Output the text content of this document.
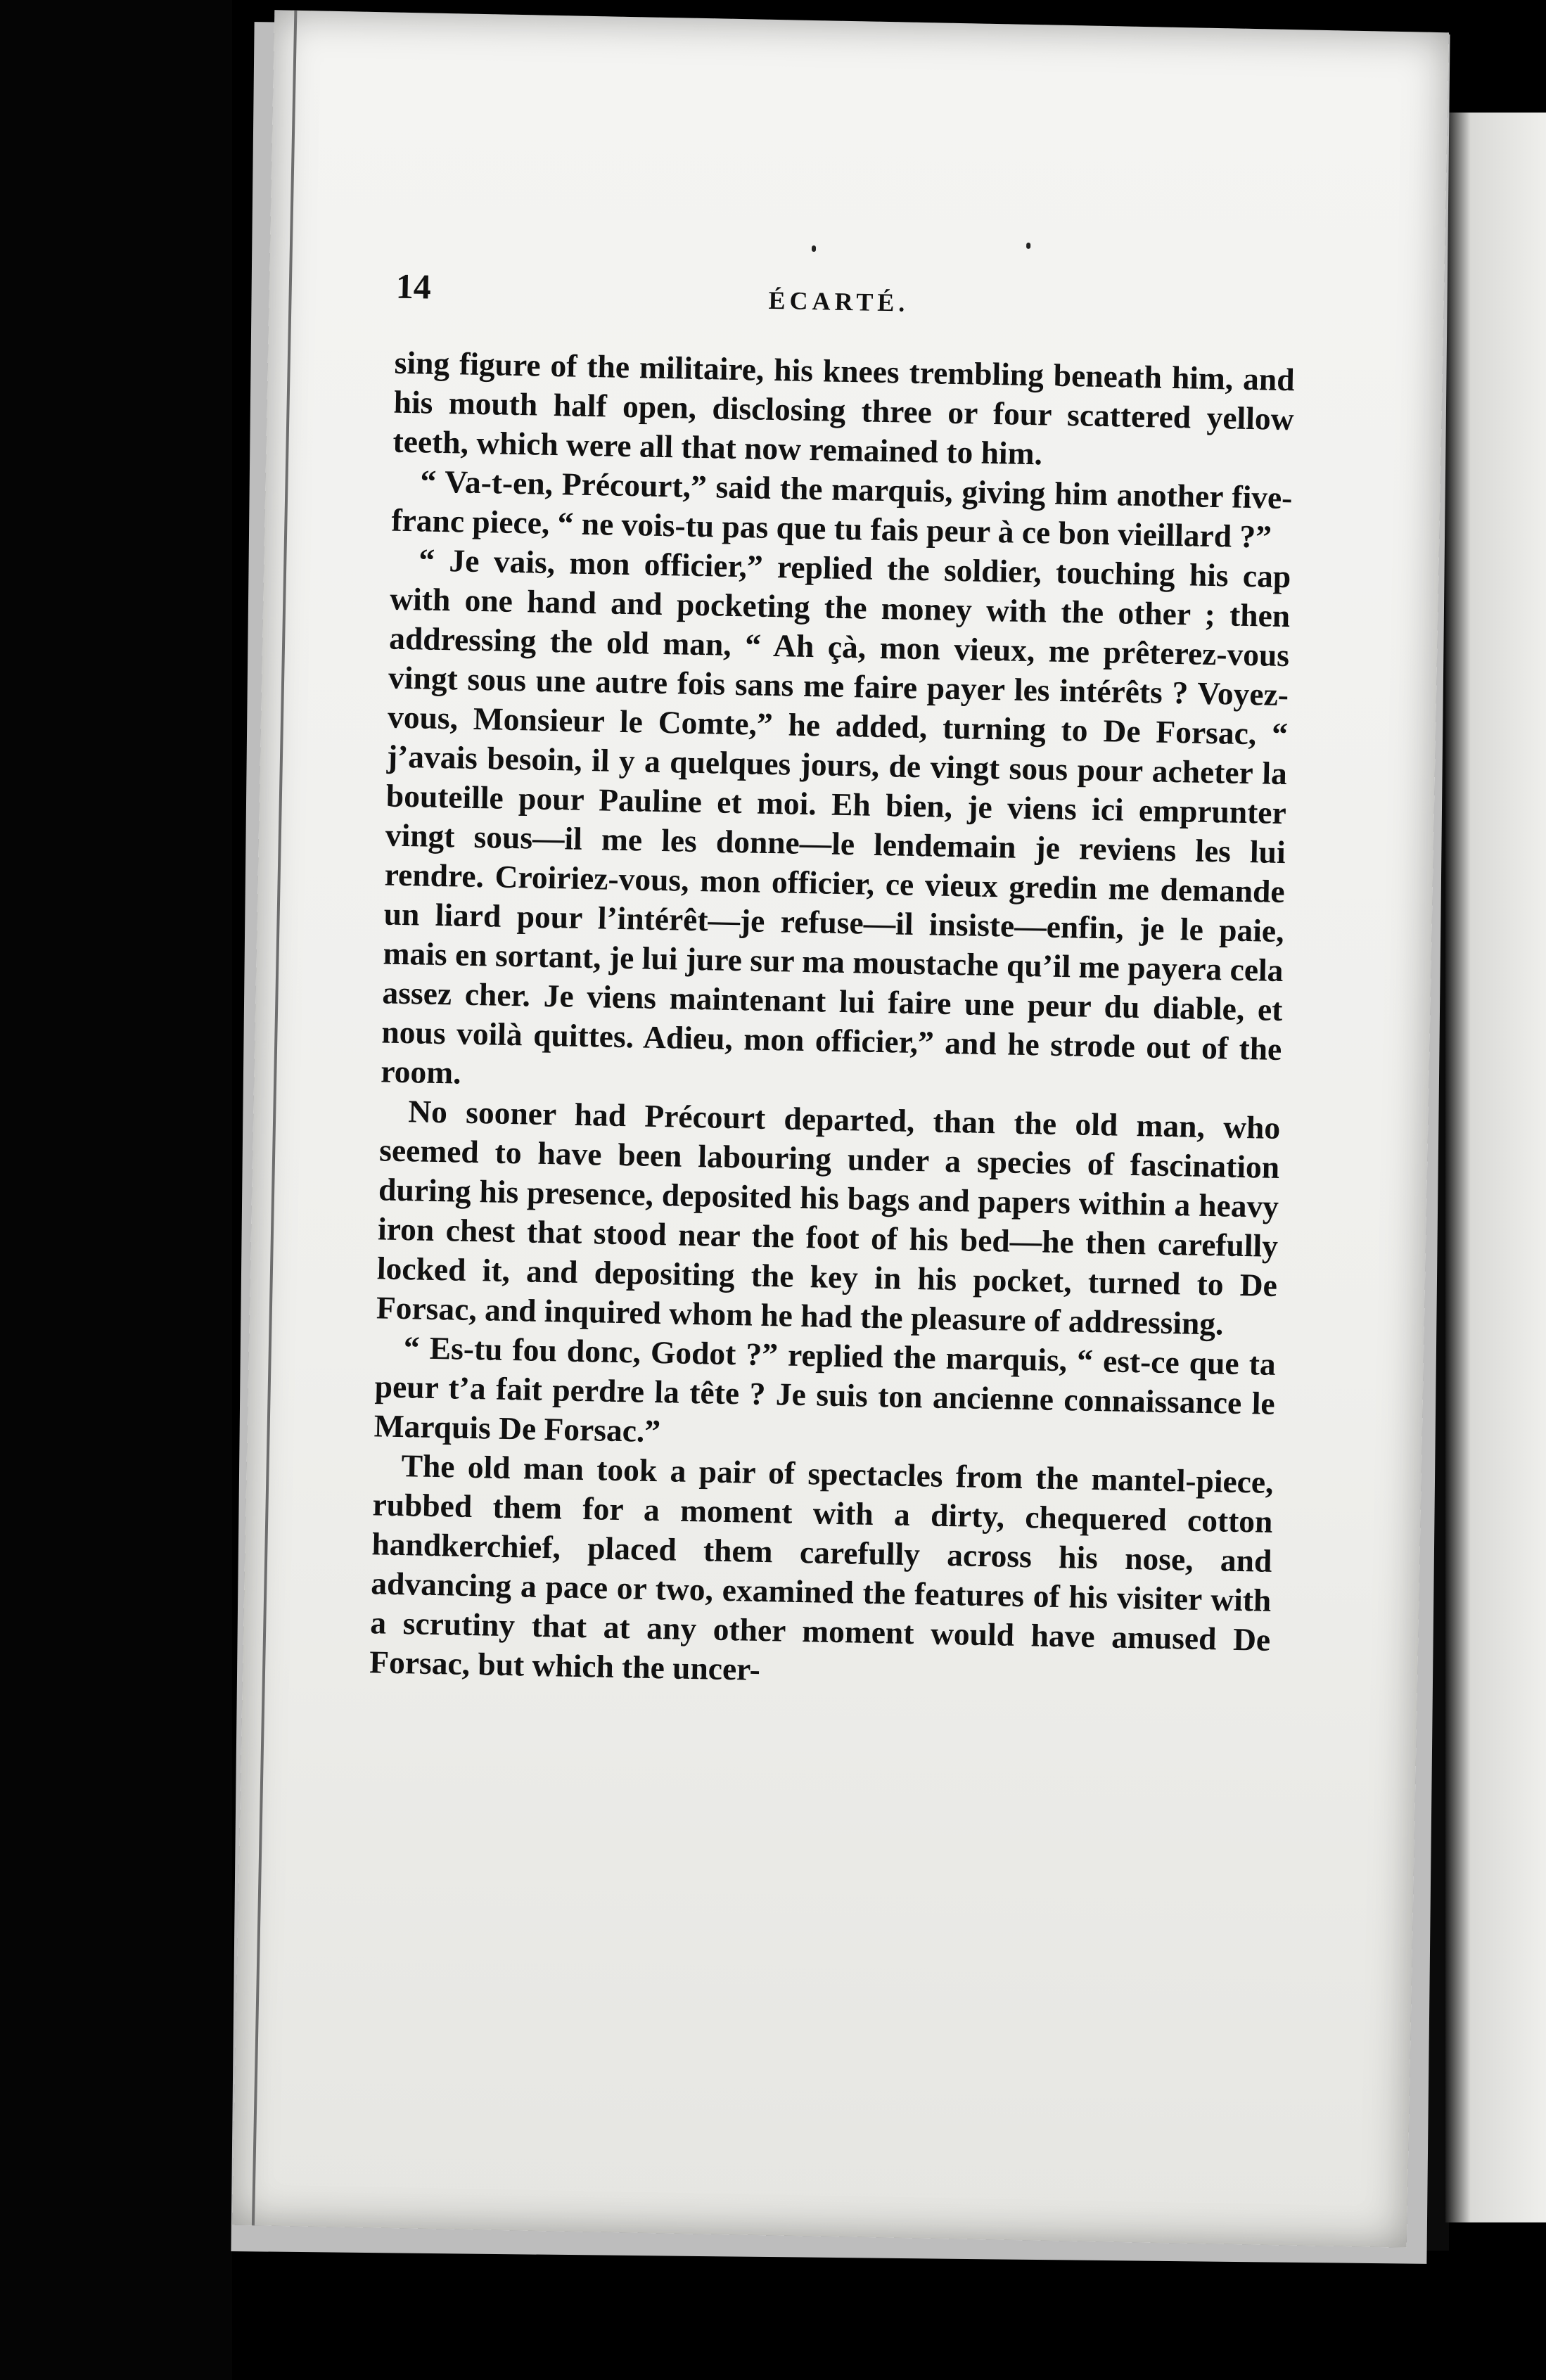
14	ÉCARTÉ.

sing figure of the militaire, his knees trembling beneath him, and his mouth half open, disclosing three or four scattered yellow teeth, which were all that now remained to him.

“ Va-t-en, Précourt,” said the marquis, giving him another five-franc piece, “ ne vois-tu pas que tu fais peur à ce bon vieillard ?”

“ Je vais, mon officier,” replied the soldier, touching his cap with one hand and pocketing the money with the other ; then addressing the old man, “ Ah çà, mon vieux, me prêterez-vous vingt sous une autre fois sans me faire payer les intérêts ? Voyez-vous, Monsieur le Comte,” he added, turning to De Forsac, “ j’avais besoin, il y a quelques jours, de vingt sous pour acheter la bouteille pour Pauline et moi. Eh bien, je viens ici emprunter vingt sous—il me les donne—le lendemain je reviens les lui rendre. Croiriez-vous, mon officier, ce vieux gredin me demande un liard pour l’intérêt—je refuse—il insiste—enfin, je le paie, mais en sortant, je lui jure sur ma moustache qu’il me payera cela assez cher. Je viens maintenant lui faire une peur du diable, et nous voilà quittes. Adieu, mon officier,” and he strode out of the room.

No sooner had Précourt departed, than the old man, who seemed to have been labouring under a species of fascination during his presence, deposited his bags and papers within a heavy iron chest that stood near the foot of his bed—he then carefully locked it, and depositing the key in his pocket, turned to De Forsac, and inquired whom he had the pleasure of addressing.

“ Es-tu fou donc, Godot ?” replied the marquis, “ est-ce que ta peur t’a fait perdre la tête ? Je suis ton ancienne connaissance le Marquis De Forsac.”

The old man took a pair of spectacles from the mantel-piece, rubbed them for a moment with a dirty, chequered cotton handkerchief, placed them carefully across his nose, and advancing a pace or two, examined the features of his visiter with a scrutiny that at any other moment would have amused De Forsac, but which the uncer-
